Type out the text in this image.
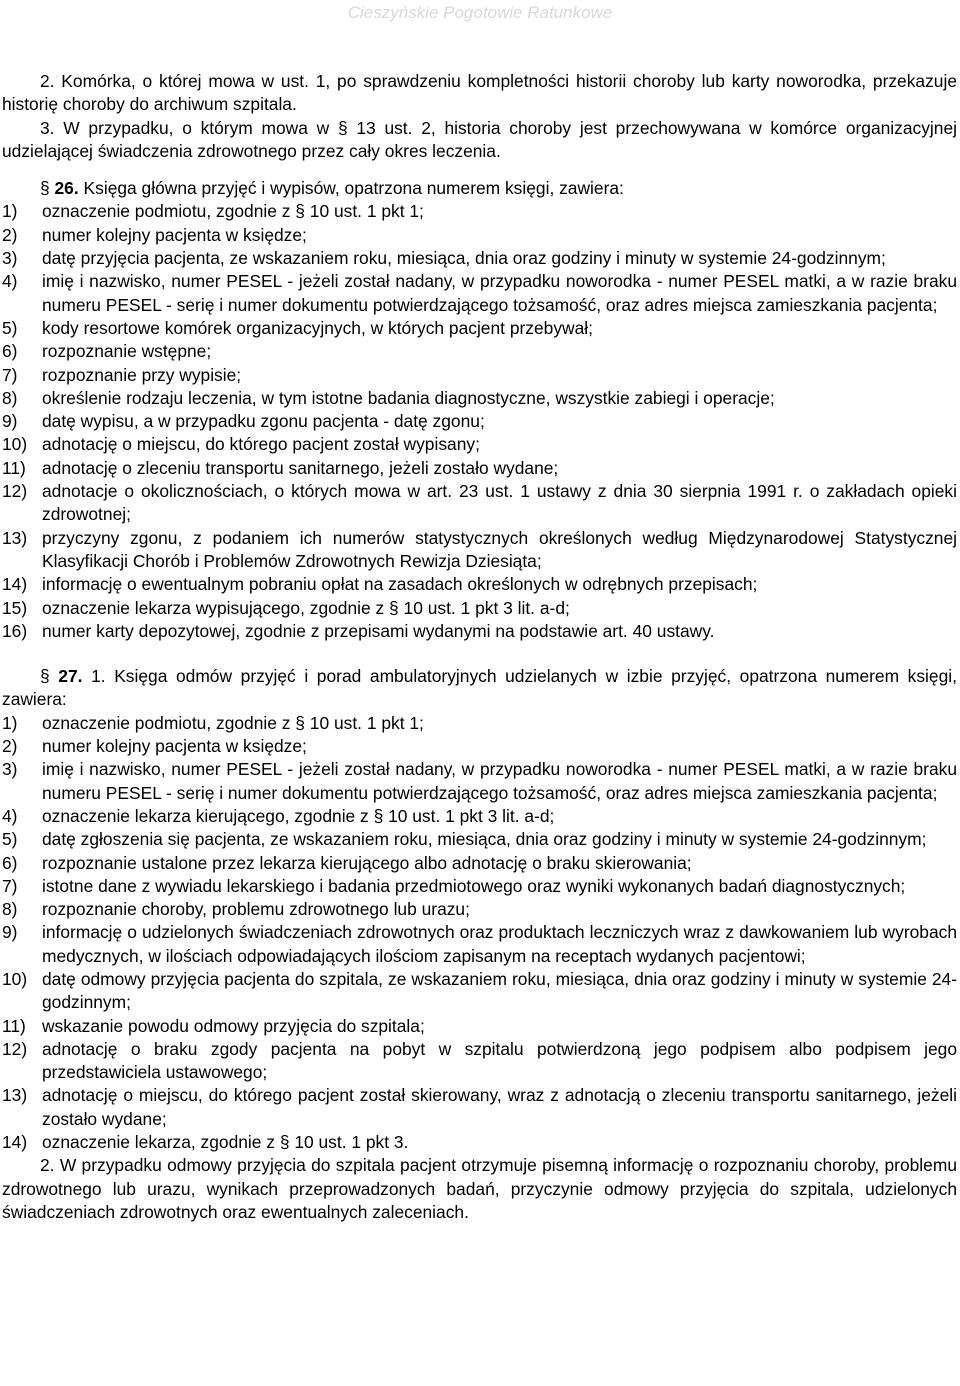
Cieszyńskie Pogotowie Ratunkowe

2. Komórka, o której mowa w ust. 1, po sprawdzeniu kompletności historii choroby lub karty noworodka, przekazuje historię choroby do archiwum szpitala.

3. W przypadku, o którym mowa w § 13 ust. 2, historia choroby jest przechowywana w komórce organizacyjnej udzielającej świadczenia zdrowotnego przez cały okres leczenia.

§ 26. Księga główna przyjęć i wypisów, opatrzona numerem księgi, zawiera:

1) oznaczenie podmiotu, zgodnie z § 10 ust. 1 pkt 1;
2) numer kolejny pacjenta w księdze;
3) datę przyjęcia pacjenta, ze wskazaniem roku, miesiąca, dnia oraz godziny i minuty w systemie 24-godzinnym;
4) imię i nazwisko, numer PESEL - jeżeli został nadany, w przypadku noworodka - numer PESEL matki, a w razie braku numeru PESEL - serię i numer dokumentu potwierdzającego tożsamość, oraz adres miejsca zamieszkania pacjenta;
5) kody resortowe komórek organizacyjnych, w których pacjent przebywał;
6) rozpoznanie wstępne;
7) rozpoznanie przy wypisie;
8) określenie rodzaju leczenia, w tym istotne badania diagnostyczne, wszystkie zabiegi i operacje;
9) datę wypisu, a w przypadku zgonu pacjenta - datę zgonu;
10) adnotację o miejscu, do którego pacjent został wypisany;
11) adnotację o zleceniu transportu sanitarnego, jeżeli zostało wydane;
12) adnotacje o okolicznościach, o których mowa w art. 23 ust. 1 ustawy z dnia 30 sierpnia 1991 r. o zakładach opieki zdrowotnej;
13) przyczyny zgonu, z podaniem ich numerów statystycznych określonych według Międzynarodowej Statystycznej Klasyfikacji Chorób i Problemów Zdrowotnych Rewizja Dziesiąta;
14) informację o ewentualnym pobraniu opłat na zasadach określonych w odrębnych przepisach;
15) oznaczenie lekarza wypisującego, zgodnie z § 10 ust. 1 pkt 3 lit. a-d;
16) numer karty depozytowej, zgodnie z przepisami wydanymi na podstawie art. 40 ustawy.

§ 27. 1. Księga odmów przyjęć i porad ambulatoryjnych udzielanych w izbie przyjęć, opatrzona numerem księgi, zawiera:

1) oznaczenie podmiotu, zgodnie z § 10 ust. 1 pkt 1;
2) numer kolejny pacjenta w księdze;
3) imię i nazwisko, numer PESEL - jeżeli został nadany, w przypadku noworodka - numer PESEL matki, a w razie braku numeru PESEL - serię i numer dokumentu potwierdzającego tożsamość, oraz adres miejsca zamieszkania pacjenta;
4) oznaczenie lekarza kierującego, zgodnie z § 10 ust. 1 pkt 3 lit. a-d;
5) datę zgłoszenia się pacjenta, ze wskazaniem roku, miesiąca, dnia oraz godziny i minuty w systemie 24-godzinnym;
6) rozpoznanie ustalone przez lekarza kierującego albo adnotację o braku skierowania;
7) istotne dane z wywiadu lekarskiego i badania przedmiotowego oraz wyniki wykonanych badań diagnostycznych;
8) rozpoznanie choroby, problemu zdrowotnego lub urazu;
9) informację o udzielonych świadczeniach zdrowotnych oraz produktach leczniczych wraz z dawkowaniem lub wyrobach medycznych, w ilościach odpowiadających ilościom zapisanym na receptach wydanych pacjentowi;
10) datę odmowy przyjęcia pacjenta do szpitala, ze wskazaniem roku, miesiąca, dnia oraz godziny i minuty w systemie 24-godzinnym;
11) wskazanie powodu odmowy przyjęcia do szpitala;
12) adnotację o braku zgody pacjenta na pobyt w szpitalu potwierdzoną jego podpisem albo podpisem jego przedstawiciela ustawowego;
13) adnotację o miejscu, do którego pacjent został skierowany, wraz z adnotacją o zleceniu transportu sanitarnego, jeżeli zostało wydane;
14) oznaczenie lekarza, zgodnie z § 10 ust. 1 pkt 3.

2. W przypadku odmowy przyjęcia do szpitala pacjent otrzymuje pisemną informację o rozpoznaniu choroby, problemu zdrowotnego lub urazu, wynikach przeprowadzonych badań, przyczynie odmowy przyjęcia do szpitala, udzielonych świadczeniach zdrowotnych oraz ewentualnych zaleceniach.
